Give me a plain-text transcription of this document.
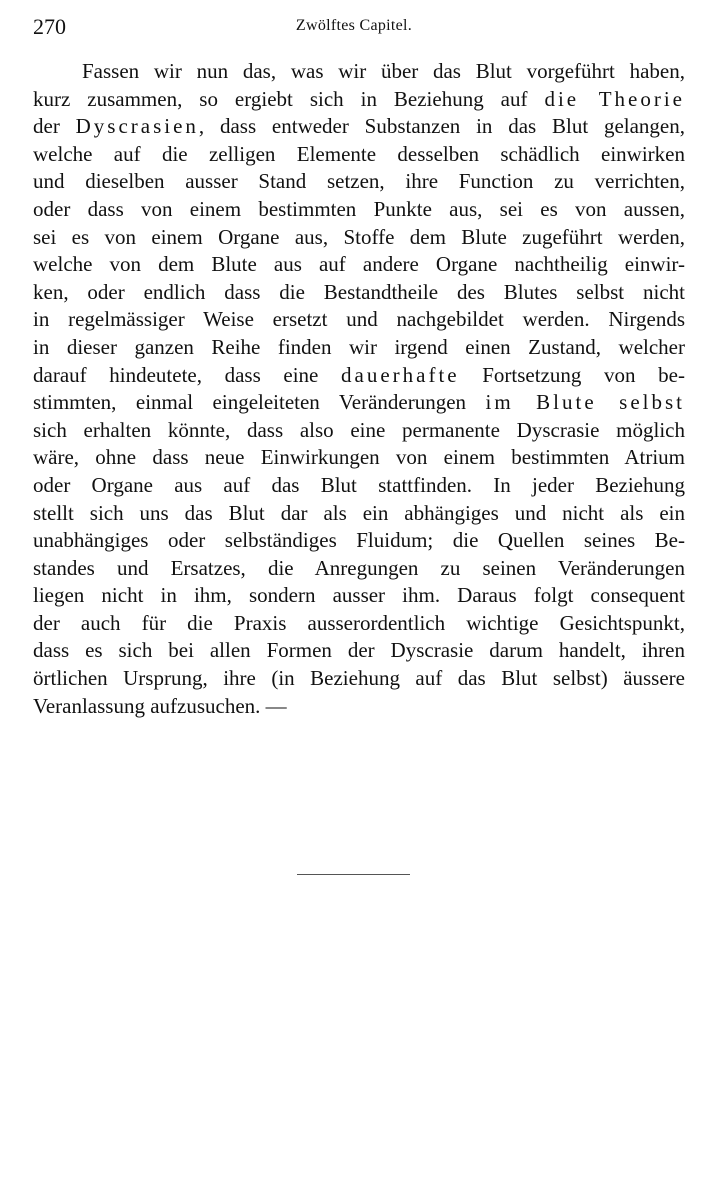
270	Zwölftes Capitel.
Fassen wir nun das, was wir über das Blut vorgeführt haben,
kurz zusammen, so ergiebt sich in Beziehung auf die Theorie
der Dyscrasien, dass entweder Substanzen in das Blut gelangen,
welche auf die zelligen Elemente desselben schädlich einwirken
und dieselben ausser Stand setzen, ihre Function zu verrichten,
oder dass von einem bestimmten Punkte aus, sei es von aussen,
sei es von einem Organe aus, Stoffe dem Blute zugeführt werden,
welche von dem Blute aus auf andere Organe nachtheilig einwir-
ken, oder endlich dass die Bestandtheile des Blutes selbst nicht
in regelmässiger Weise ersetzt und nachgebildet werden. Nirgends
in dieser ganzen Reihe finden wir irgend einen Zustand, welcher
darauf hindeutete, dass eine dauerhafte Fortsetzung von be-
stimmten, einmal eingeleiteten Veränderungen im Blute selbst
sich erhalten könnte, dass also eine permanente Dyscrasie möglich
wäre, ohne dass neue Einwirkungen von einem bestimmten Atrium
oder Organe aus auf das Blut stattfinden. In jeder Beziehung
stellt sich uns das Blut dar als ein abhängiges und nicht als ein
unabhängiges oder selbständiges Fluidum; die Quellen seines Be-
standes und Ersatzes, die Anregungen zu seinen Veränderungen
liegen nicht in ihm, sondern ausser ihm. Daraus folgt consequent
der auch für die Praxis ausserordentlich wichtige Gesichtspunkt,
dass es sich bei allen Formen der Dyscrasie darum handelt, ihren
örtlichen Ursprung, ihre (in Beziehung auf das Blut selbst) äussere
Veranlassung aufzusuchen. —
